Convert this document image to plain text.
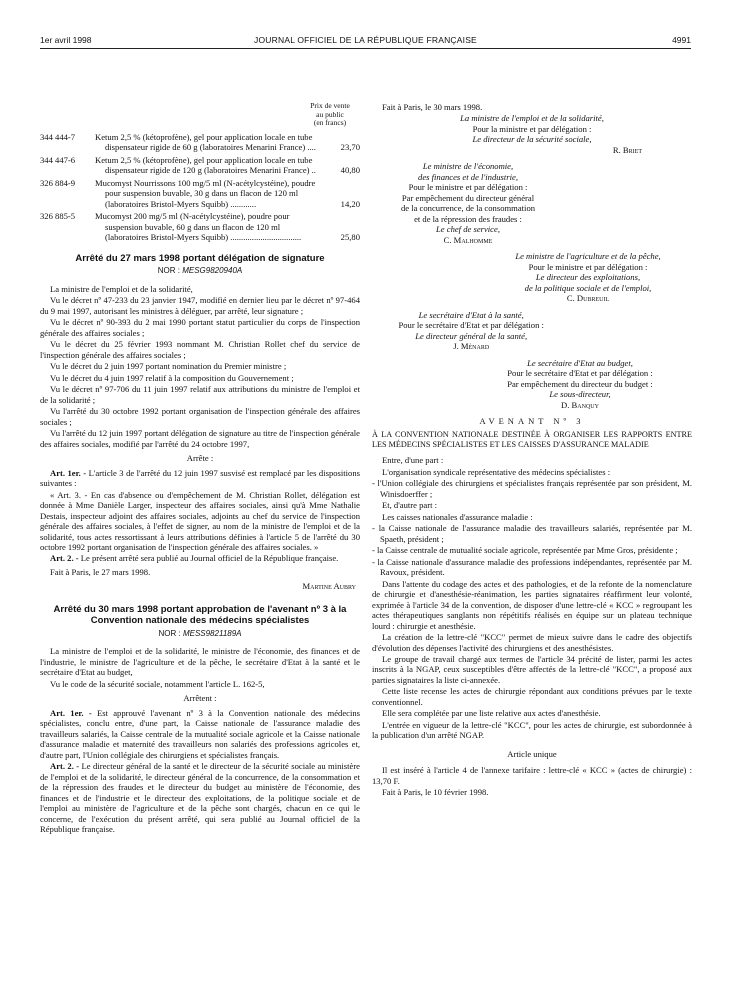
1er avril 1998	JOURNAL OFFICIEL DE LA RÉPUBLIQUE FRANÇAISE	4991
Prix de vente
au public
(en francs)
344 444-7	Ketum 2,5 % (kétoprofène), gel pour application locale en tube dispensateur rigide de 60 g (laboratoires Menarini France) ....	23,70
344 447-6	Ketum 2,5 % (kétoprofène), gel pour application locale en tube dispensateur rigide de 120 g (laboratoires Menarini France) ..	40,80
326 884-9	Mucomyst Nourrissons 100 mg/5 ml (N-acétylcystéine), poudre pour suspension buvable, 30 g dans un flacon de 120 ml (laboratoires Bristol-Myers Squibb) ............	14,20
326 885-5	Mucomyst 200 mg/5 ml (N-acétylcystéine), poudre pour suspension buvable, 60 g dans un flacon de 120 ml (laboratoires Bristol-Myers Squibb) .................................	25,80
Arrêté du 27 mars 1998 portant délégation de signature
NOR : MESG9820940A

La ministre de l'emploi et de la solidarité,

Vu le décret nº 47-233 du 23 janvier 1947, modifié en dernier lieu par le décret nº 97-464 du 9 mai 1997, autorisant les ministres à déléguer, par arrêté, leur signature ;

Vu le décret nº 90-393 du 2 mai 1990 portant statut particulier du corps de l'inspection générale des affaires sociales ;

Vu le décret du 25 février 1993 nommant M. Christian Rollet chef du service de l'inspection générale des affaires sociales ;

Vu le décret du 2 juin 1997 portant nomination du Premier ministre ;

Vu le décret du 4 juin 1997 relatif à la composition du Gouvernement ;

Vu le décret nº 97-706 du 11 juin 1997 relatif aux attributions du ministre de l'emploi et de la solidarité ;

Vu l'arrêté du 30 octobre 1992 portant organisation de l'inspection générale des affaires sociales ;

Vu l'arrêté du 12 juin 1997 portant délégation de signature au titre de l'inspection générale des affaires sociales, modifié par l'arrêté du 24 octobre 1997,

Arrête :

Art. 1er. - L'article 3 de l'arrêté du 12 juin 1997 susvisé est remplacé par les dispositions suivantes :

« Art. 3. - En cas d'absence ou d'empêchement de M. Christian Rollet, délégation est donnée à Mme Danièle Larger, inspecteur des affaires sociales, ainsi qu'à Mme Nathalie Destais, inspecteur adjoint des affaires sociales, adjoints au chef du service de l'inspection générale des affaires sociales, à l'effet de signer, au nom de la ministre de l'emploi et de la solidarité, tous actes ressortissant à leurs attributions définies à l'article 5 de l'arrêté du 30 octobre 1992 portant organisation de l'inspection générale des affaires sociales. »

Art. 2. - Le présent arrêté sera publié au Journal officiel de la République française.

Fait à Paris, le 27 mars 1998.

Martine Aubry

Arrêté du 30 mars 1998 portant approbation de l'avenant nº 3 à la Convention nationale des médecins spécialistes
NOR : MESS9821189A

La ministre de l'emploi et de la solidarité, le ministre de l'économie, des finances et de l'industrie, le ministre de l'agriculture et de la pêche, le secrétaire d'Etat à la santé et le secrétaire d'Etat au budget,

Vu le code de la sécurité sociale, notamment l'article L. 162-5,

Arrêtent :

Art. 1er. - Est approuvé l'avenant nº 3 à la Convention nationale des médecins spécialistes, conclu entre, d'une part, la Caisse nationale de l'assurance maladie des travailleurs salariés, la Caisse centrale de la mutualité sociale agricole et la Caisse nationale d'assurance maladie et maternité des travailleurs non salariés des professions agricoles et, d'autre part, l'Union collégiale des chirurgiens et spécialistes français.

Art. 2. - Le directeur général de la santé et le directeur de la sécurité sociale au ministère de l'emploi et de la solidarité, le directeur général de la concurrence, de la consommation et de la répression des fraudes et le directeur du budget au ministère de l'économie, des finances et de l'industrie et le directeur des exploitations, de la politique sociale et de l'emploi au ministère de l'agriculture et de la pêche sont chargés, chacun en ce qui le concerne, de l'exécution du présent arrêté, qui sera publié au Journal officiel de la République française.

Fait à Paris, le 30 mars 1998.

La ministre de l'emploi et de la solidarité,
Pour la ministre et par délégation :
Le directeur de la sécurité sociale,
R. Briet
Le ministre de l'économie,
des finances et de l'industrie,
Pour le ministre et par délégation :
Par empêchement du directeur général
de la concurrence, de la consommation
et de la répression des fraudes :
Le chef de service,
C. Malhomme
Le ministre de l'agriculture et de la pêche,
Pour le ministre et par délégation :
Le directeur des exploitations,
de la politique sociale et de l'emploi,
C. Dubreuil
Le secrétaire d'Etat à la santé,
Pour le secrétaire d'Etat et par délégation :
Le directeur général de la santé,
J. Ménard
Le secrétaire d'Etat au budget,
Pour le secrétaire d'Etat et par délégation :
Par empêchement du directeur du budget :
Le sous-directeur,
D. Banquy
AVENANT Nº 3
À LA CONVENTION NATIONALE DESTINÉE À ORGANISER LES RAPPORTS ENTRE LES MÉDECINS SPÉCIALISTES ET LES CAISSES D'ASSURANCE MALADIE

Entre, d'une part :

L'organisation syndicale représentative des médecins spécialistes :

- l'Union collégiale des chirurgiens et spécialistes français représentée par son président, M. Winisdoerffer ;

Et, d'autre part :

Les caisses nationales d'assurance maladie :

- la Caisse nationale de l'assurance maladie des travailleurs salariés, représentée par M. Spaeth, président ;

- la Caisse centrale de mutualité sociale agricole, représentée par Mme Gros, présidente ;

- la Caisse nationale d'assurance maladie des professions indépendantes, représentée par M. Ravoux, président.

Dans l'attente du codage des actes et des pathologies, et de la refonte de la nomenclature de chirurgie et d'anesthésie-réanimation, les parties signataires réaffirment leur volonté, exprimée à l'article 34 de la convention, de disposer d'une lettre-clé « KCC » regroupant les actes thérapeutiques sanglants non répétitifs réalisés en équipe sur un plateau technique lourd : chirurgie et anesthésie.

La création de la lettre-clé "KCC" permet de mieux suivre dans le cadre des objectifs d'évolution des dépenses l'activité des chirurgiens et des anesthésistes.

Le groupe de travail chargé aux termes de l'article 34 précité de lister, parmi les actes inscrits à la NGAP, ceux susceptibles d'être affectés de la lettre-clé "KCC", a proposé aux parties signataires la liste ci-annexée.

Cette liste recense les actes de chirurgie répondant aux conditions prévues par le texte conventionnel.

Elle sera complétée par une liste relative aux actes d'anesthésie.

L'entrée en vigueur de la lettre-clé "KCC", pour les actes de chirurgie, est subordonnée à la publication d'un arrêté NGAP.

Article unique

Il est inséré à l'article 4 de l'annexe tarifaire : lettre-clé « KCC » (actes de chirurgie) : 13,70 F.

Fait à Paris, le 10 février 1998.
